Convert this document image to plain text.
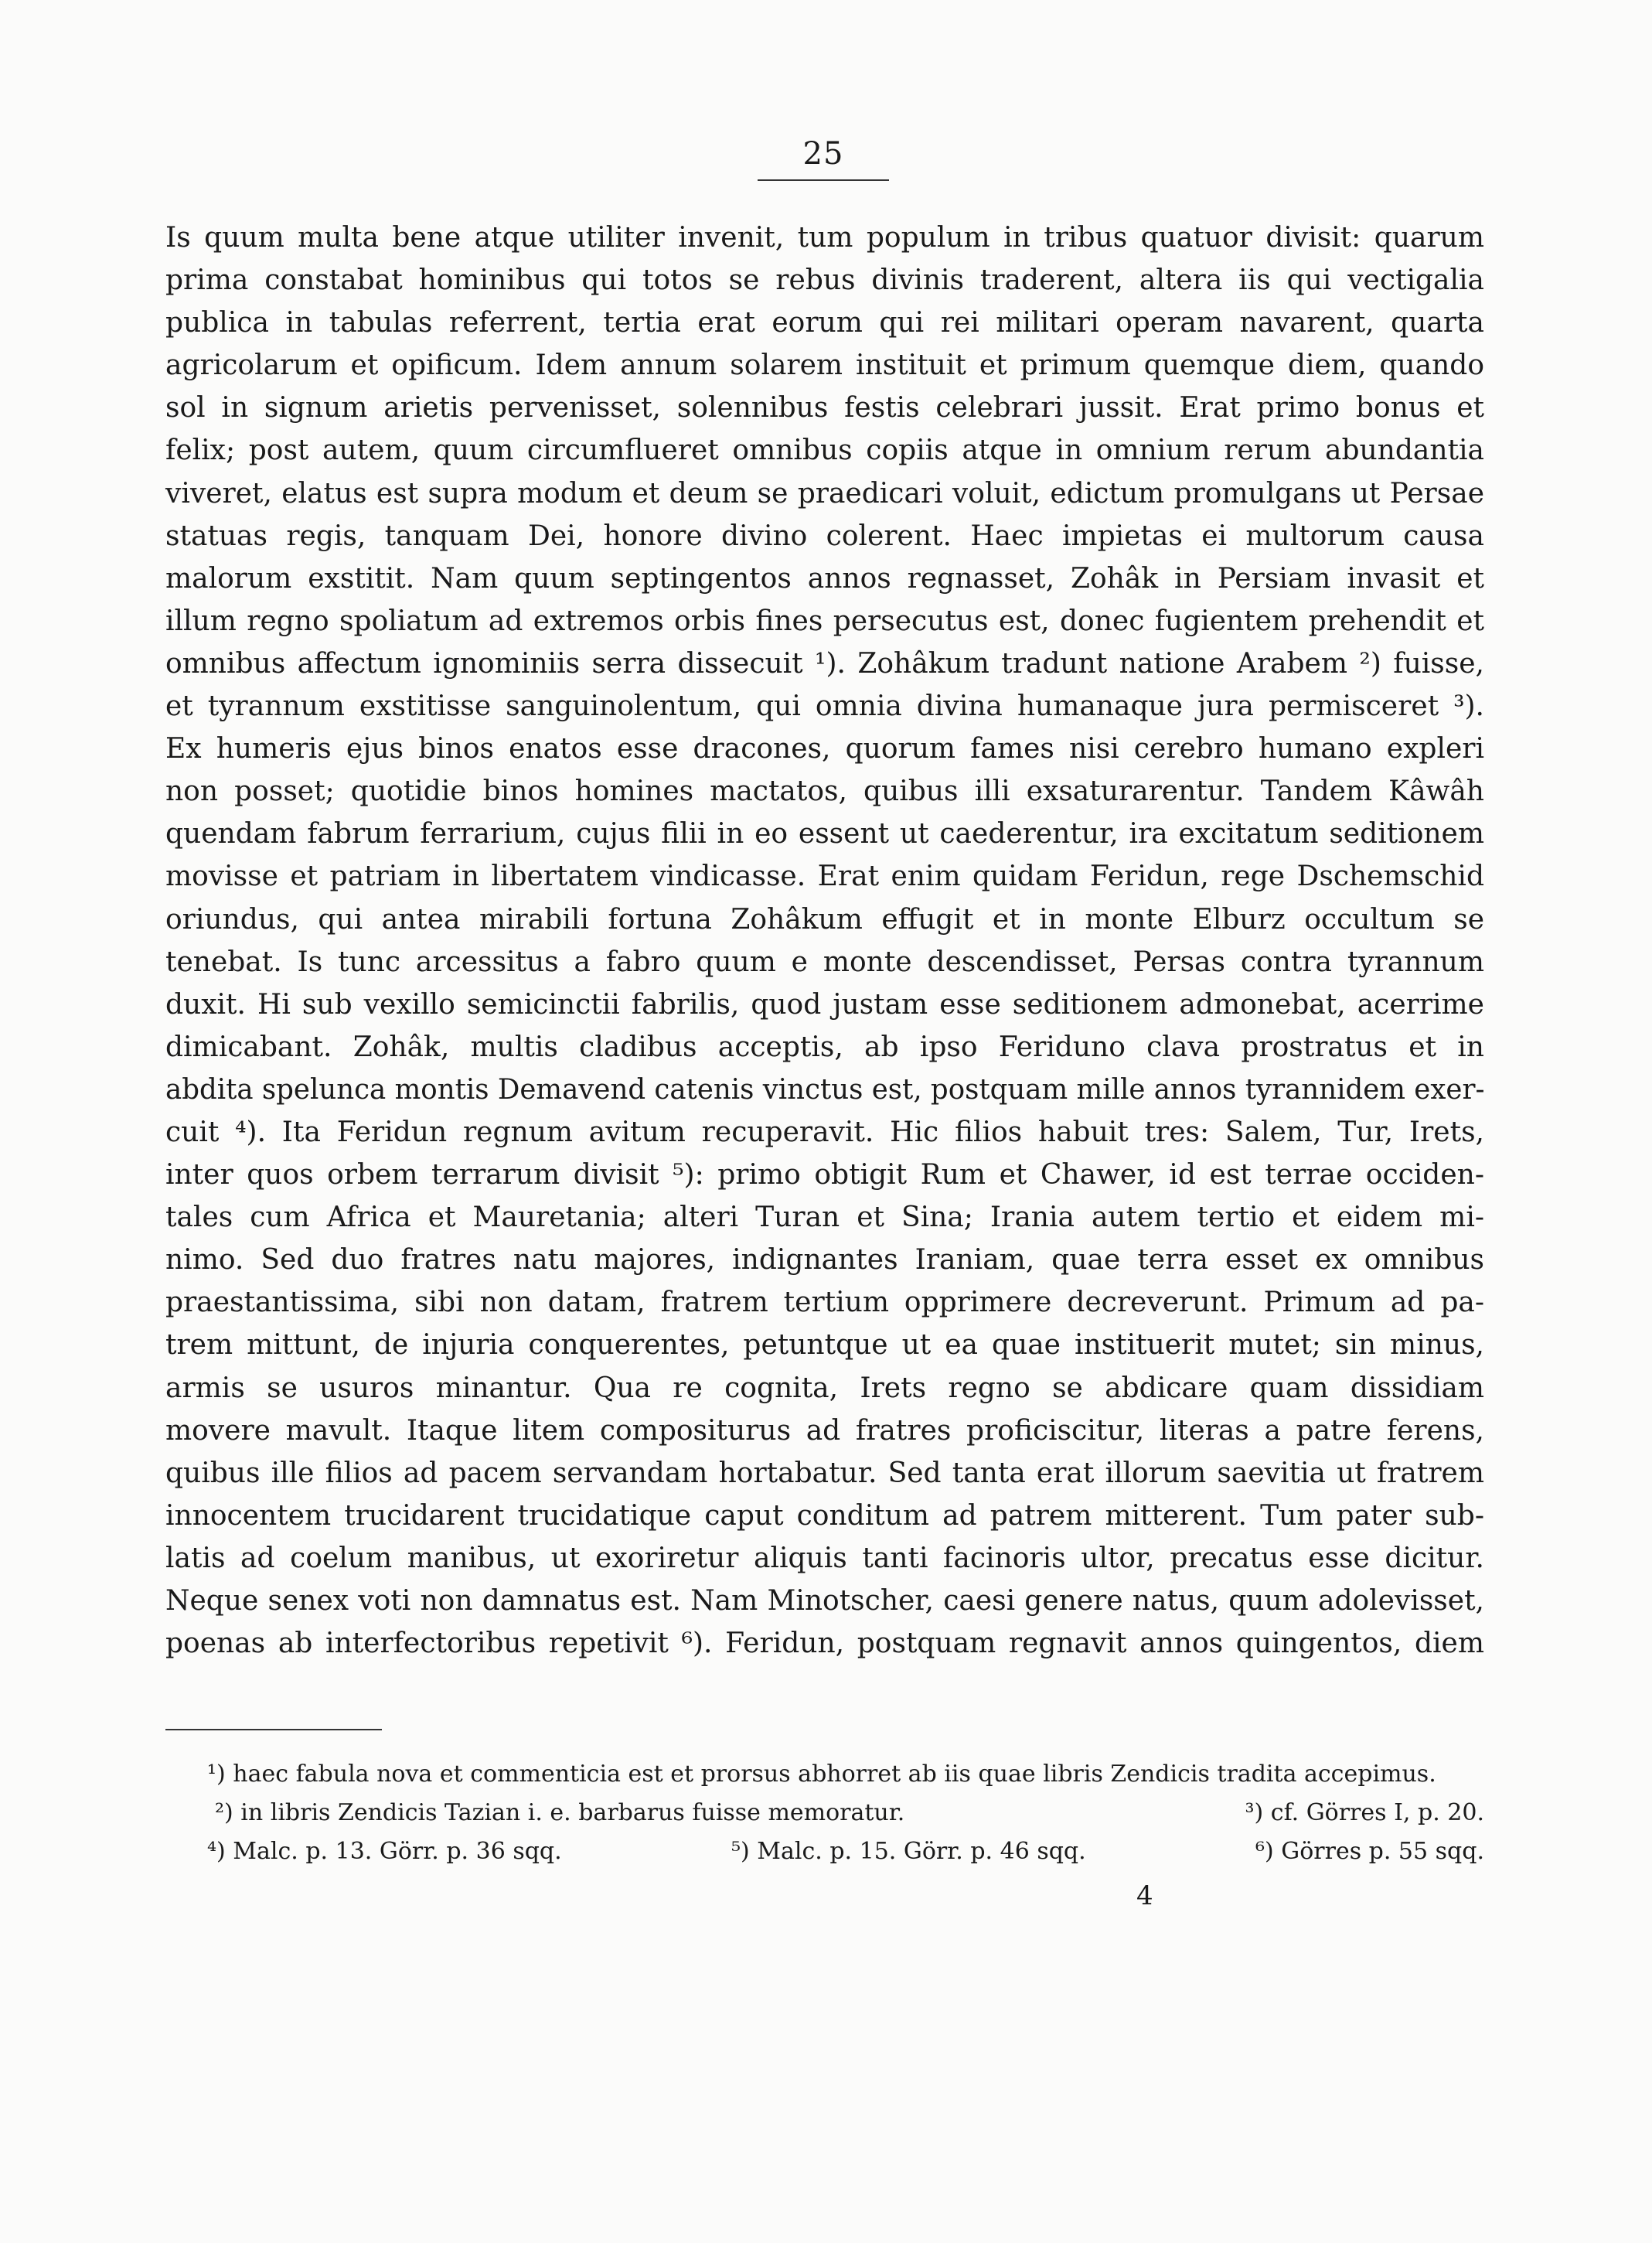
25
Is quum multa bene atque utiliter invenit, tum populum in tribus quatuor divisit: quarum
prima constabat hominibus qui totos se rebus divinis traderent, altera iis qui vectigalia
publica in tabulas referrent, tertia erat eorum qui rei militari operam navarent, quarta
agricolarum et opificum. Idem annum solarem instituit et primum quemque diem, quando
sol in signum arietis pervenisset, solennibus festis celebrari jussit. Erat primo bonus et
felix; post autem, quum circumflueret omnibus copiis atque in omnium rerum abundantia
viveret, elatus est supra modum et deum se praedicari voluit, edictum promulgans ut Persae
statuas regis, tanquam Dei, honore divino colerent. Haec impietas ei multorum causa
malorum exstitit. Nam quum septingentos annos regnasset, Zohâk in Persiam invasit et
illum regno spoliatum ad extremos orbis fines persecutus est, donec fugientem prehendit et
omnibus affectum ignominiis serra dissecuit ¹). Zohâkum tradunt natione Arabem ²) fuisse,
et tyrannum exstitisse sanguinolentum, qui omnia divina humanaque jura permisceret ³).
Ex humeris ejus binos enatos esse dracones, quorum fames nisi cerebro humano expleri
non posset; quotidie binos homines mactatos, quibus illi exsaturarentur. Tandem Kâwâh
quendam fabrum ferrarium, cujus filii in eo essent ut caederentur, ira excitatum seditionem
movisse et patriam in libertatem vindicasse. Erat enim quidam Feridun, rege Dschemschid
oriundus, qui antea mirabili fortuna Zohâkum effugit et in monte Elburz occultum se
tenebat. Is tunc arcessitus a fabro quum e monte descendisset, Persas contra tyrannum
duxit. Hi sub vexillo semicinctii fabrilis, quod justam esse seditionem admonebat, acerrime
dimicabant. Zohâk, multis cladibus acceptis, ab ipso Feriduno clava prostratus et in
abdita spelunca montis Demavend catenis vinctus est, postquam mille annos tyrannidem exer-
cuit ⁴). Ita Feridun regnum avitum recuperavit. Hic filios habuit tres: Salem, Tur, Irets,
inter quos orbem terrarum divisit ⁵): primo obtigit Rum et Chawer, id est terrae occiden-
tales cum Africa et Mauretania; alteri Turan et Sina; Irania autem tertio et eidem mi-
nimo. Sed duo fratres natu majores, indignantes Iraniam, quae terra esset ex omnibus
praestantissima, sibi non datam, fratrem tertium opprimere decreverunt. Primum ad pa-
trem mittunt, de injuria conquerentes, petuntque ut ea quae instituerit mutet; sin minus,
armis se usuros minantur. Qua re cognita, Irets regno se abdicare quam dissidiam
movere mavult. Itaque litem compositurus ad fratres proficiscitur, literas a patre ferens,
quibus ille filios ad pacem servandam hortabatur. Sed tanta erat illorum saevitia ut fratrem
innocentem trucidarent trucidatique caput conditum ad patrem mitterent. Tum pater sub-
latis ad coelum manibus, ut exoriretur aliquis tanti facinoris ultor, precatus esse dicitur.
Neque senex voti non damnatus est. Nam Minotscher, caesi genere natus, quum adolevisset,
poenas ab interfectoribus repetivit ⁶). Feridun, postquam regnavit annos quingentos, diem
¹) haec fabula nova et commenticia est et prorsus abhorret ab iis quae libris Zendicis tradita accepimus.
²) in libris Zendicis Tazian i. e. barbarus fuisse memoratur.	³) cf. Görres I, p. 20.
⁴) Malc. p. 13. Görr. p. 36 sqq.	⁵) Malc. p. 15. Görr. p. 46 sqq.	⁶) Görres p. 55 sqq.
4
